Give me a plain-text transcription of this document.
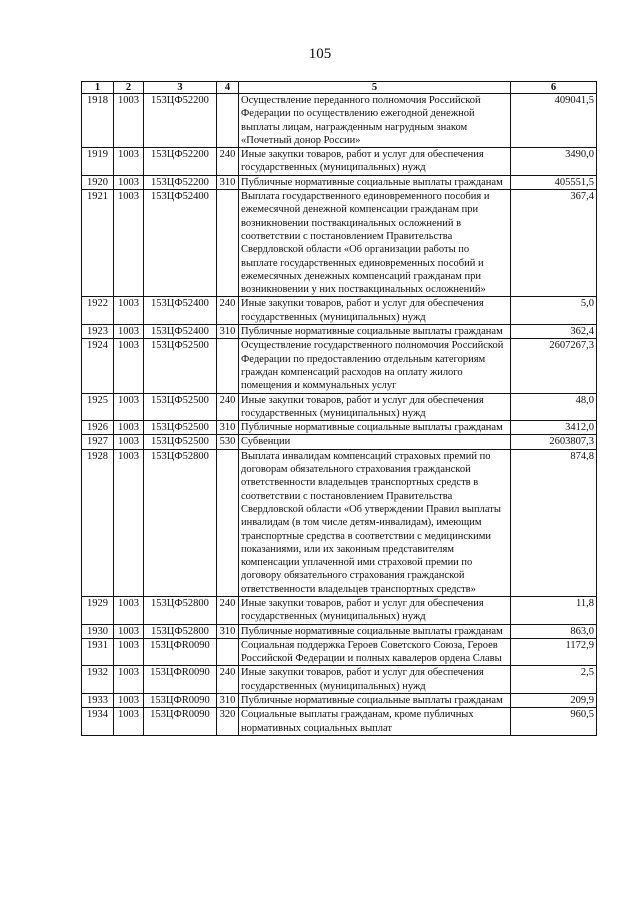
105
1	2	3	4	5	6
1918	1003	153ЦФ52200		Осуществление переданного полномочия Российской Федерации по осуществлению ежегодной денежной выплаты лицам, награжденным нагрудным знаком «Почетный донор России»	409041,5
1919	1003	153ЦФ52200	240	Иные закупки товаров, работ и услуг для обеспечения государственных (муниципальных) нужд	3490,0
1920	1003	153ЦФ52200	310	Публичные нормативные социальные выплаты гражданам	405551,5
1921	1003	153ЦФ52400		Выплата государственного единовременного пособия и ежемесячной денежной компенсации гражданам при возникновении поствакцинальных осложнений в соответствии с постановлением Правительства Свердловской области «Об организации работы по выплате государственных единовременных пособий и ежемесячных денежных компенсаций гражданам при возникновении у них поствакцинальных осложнений»	367,4
1922	1003	153ЦФ52400	240	Иные закупки товаров, работ и услуг для обеспечения государственных (муниципальных) нужд	5,0
1923	1003	153ЦФ52400	310	Публичные нормативные социальные выплаты гражданам	362,4
1924	1003	153ЦФ52500		Осуществление государственного полномочия Российской Федерации по предоставлению отдельным категориям граждан компенсаций расходов на оплату жилого помещения и коммунальных услуг	2607267,3
1925	1003	153ЦФ52500	240	Иные закупки товаров, работ и услуг для обеспечения государственных (муниципальных) нужд	48,0
1926	1003	153ЦФ52500	310	Публичные нормативные социальные выплаты гражданам	3412,0
1927	1003	153ЦФ52500	530	Субвенции	2603807,3
1928	1003	153ЦФ52800		Выплата инвалидам компенсаций страховых премий по договорам обязательного страхования гражданской ответственности владельцев транспортных средств в соответствии с постановлением Правительства Свердловской области «Об утверждении Правил выплаты инвалидам (в том числе детям-инвалидам), имеющим транспортные средства в соответствии с медицинскими показаниями, или их законным представителям компенсации уплаченной ими страховой премии по договору обязательного страхования гражданской ответственности владельцев транспортных средств»	874,8
1929	1003	153ЦФ52800	240	Иные закупки товаров, работ и услуг для обеспечения государственных (муниципальных) нужд	11,8
1930	1003	153ЦФ52800	310	Публичные нормативные социальные выплаты гражданам	863,0
1931	1003	153ЦФR0090		Социальная поддержка Героев Советского Союза, Героев Российской Федерации и полных кавалеров ордена Славы	1172,9
1932	1003	153ЦФR0090	240	Иные закупки товаров, работ и услуг для обеспечения государственных (муниципальных) нужд	2,5
1933	1003	153ЦФR0090	310	Публичные нормативные социальные выплаты гражданам	209,9
1934	1003	153ЦФR0090	320	Социальные выплаты гражданам, кроме публичных нормативных социальных выплат	960,5
